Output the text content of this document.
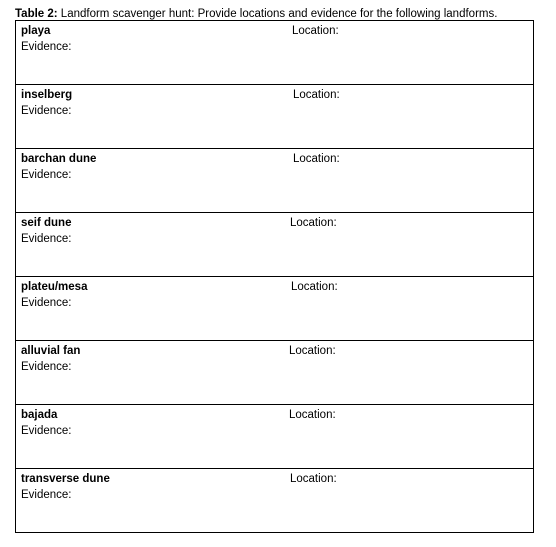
Table 2: Landform scavenger hunt: Provide locations and evidence for the following landforms.
playa	Location:
Evidence:

inselberg	Location:
Evidence:

barchan dune	Location:
Evidence:

seif dune	Location:
Evidence:

plateu/mesa	Location:
Evidence:

alluvial fan	Location:
Evidence:

bajada	Location:
Evidence:

transverse dune	Location:
Evidence:
